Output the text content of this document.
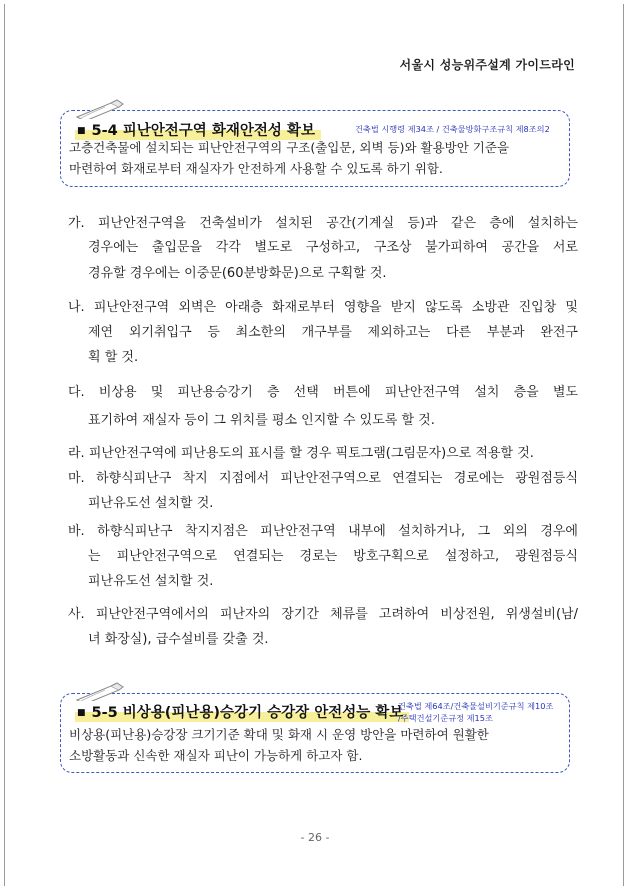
서울시 성능위주설계 가이드라인
■ 5-4 피난안전구역 화재안전성 확보	건축법 시행령 제34조 / 건축물방화구조규칙 제8조의2
고층건축물에 설치되는 피난안전구역의 구조(출입문, 외벽 등)와 활용방안 기준을
마련하여 화재로부터 재실자가 안전하게 사용할 수 있도록 하기 위함.
가. 피난안전구역을 건축설비가 설치된 공간(기계실 등)과 같은 층에 설치하는
경우에는 출입문을 각각 별도로 구성하고, 구조상 불가피하여 공간을 서로
경유할 경우에는 이중문(60분방화문)으로 구획할 것.
나. 피난안전구역 외벽은 아래층 화재로부터 영향을 받지 않도록 소방관 진입창 및
제연 외기취입구 등 최소한의 개구부를 제외하고는 다른 부분과 완전구
획 할 것.
다. 비상용 및 피난용승강기 층 선택 버튼에 피난안전구역 설치 층을 별도
표기하여 재실자 등이 그 위치를 평소 인지할 수 있도록 할 것.
라. 피난안전구역에 피난용도의 표시를 할 경우 픽토그램(그림문자)으로 적용할 것.
마. 하향식피난구 착지 지점에서 피난안전구역으로 연결되는 경로에는 광원점등식
피난유도선 설치할 것.
바. 하향식피난구 착지지점은 피난안전구역 내부에 설치하거나, 그 외의 경우에
는 피난안전구역으로 연결되는 경로는 방호구획으로 설정하고, 광원점등식
피난유도선 설치할 것.
사. 피난안전구역에서의 피난자의 장기간 체류를 고려하여 비상전원, 위생설비(남/
녀 화장실), 급수설비를 갖출 것.
■ 5-5 비상용(피난용)승강기 승강장 안전성능 확보
건축법 제64조/건축물설비기준규칙 제10조
/주택건설기준규정 제15조
비상용(피난용)승강장 크기기준 확대 및 화재 시 운영 방안을 마련하여 원활한
소방활동과 신속한 재실자 피난이 가능하게 하고자 함.
- 26 -
